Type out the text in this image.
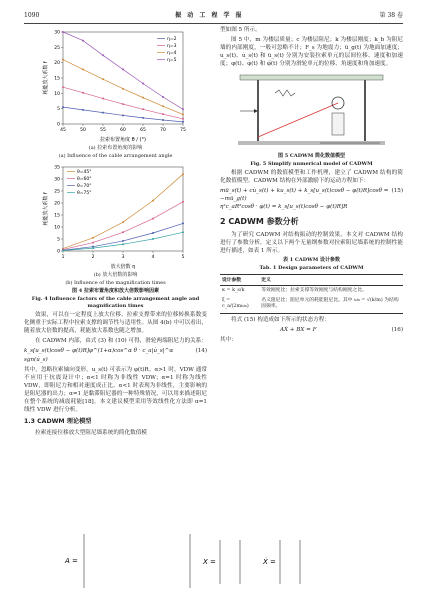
1090	振 动 工 程 学 报	第 38 卷
0
5
10
15
20
25
30
45	50	55	60	65	70	75
拉索布置角度 θ / (°)
耗能放大系数 f
η=2
η=3
η=4
η=5
(a) 拉索布置角度的影响
(a) Influence of the cable arrangement angle
0
5
10
15
20
25
30
35
1	2	3	4	5
放大倍数 η
耗能放大系数 f
θ=45°
θ=60°
θ=70°
θ=75°
(b) 放大倍数的影响
(b) Influence of the magnification times
图 4 拉索布置角度和放大倍数影响因素
Fig. 4 Influence factors of the cable arrangement angle and magnification times

效果，可以在一定程度上放大位移，拉索支撑带来的位移转换系数变化侧重于实际工程中拉索支撑的调节性与适用性。从图 4(b) 中可以看出，随着放大倍数的提高，耗能放大系数也随之增加。

在 CADWM 内部，由式 (3) 和 (10) 可得，滑轮两端阻尼力的关系：

k_s[u_s(t)cosθ − φ(t)R]φ^(1+α)cos^α θ · c_a|u̇_s|^α sgn(u̇_s)
(14)

其中，忽略拉索轴向变形，u_s(t) 可表示为 φ(t)R。α>1 时，VDW 通常不应用于抗震设计中；α<1 时称为非线性 VDW；α=1 时称为线性 VDW，即阻尼力和相对速度成正比。α<1 时表现为非线性，主要影响的是阻尼器的出力；α=1 是黏滞阻尼器的一种特殊情况，可以用来描述阻尼在整个系统的减震耗能[18]。本文建议模型采用等效线性化方法即 α=1 线性 VDW 进行分析。

1.3 CADWM 理论模型

拉索连接位移放大型阻尼墙系统的简化数值模

型如图 5 所示。

图 5 中，m 为楼层质量；c 为楼层阻尼；k 为楼层刚度；k_b 为阻尼墙的内部刚度，一般可忽略不计；F_s 为地震力；ü_g(t) 为地面加速度；u_s(t)、u̇_s(t) 和 ü_s(t) 分别为安装拉索单元的层间位移、速度和加速度；φ(t)、φ̇(t) 和 φ̈(t) 分别为滑轮单元的位移、角速度和角加速度。

图 5 CADWM 简化数值模型
Fig. 5 Simplify numerical model of CADWM

根据 CADWM 的数值模型和工作机理，建立了 CADWM 结构的简化数值模型。CADWM 结构在外部激励下的运动方程如下：

mü_s(t) + cu̇_s(t) + ku_s(t) + k_s[u_s(t)cosθ − φ(t)R]cosθ = −mü_g(t)
η²c_aR²cosθ · φ̇(t) = k_s[u_s(t)cosθ − φ(t)R]R
(15)
2 CADWM 参数分析

为了研究 CADWM 对结构振动的控制效果，本文对 CADWM 结构进行了参数分析，定义以下两个无量纲参数对拉索阻尼墙系统的控制性能进行描述，如表 1 所示。

表 1 CADWM 设计参数
Tab. 1 Design parameters of CADWM
设计参数	定义
κ = k_s/k	等效刚度比；拉索支撑等效刚度与结构刚度之比。
ξ = c_a/(2mω₀)	名义阻尼比；阻尼单元的耗能阻尼比。其中 ω₀ = √(k/m) 为结构固频率。

将式 (15) 构造成如下所示的状态方程：

AẊ + BX = F	(16)

其中：

A =	X =	Ẋ =
